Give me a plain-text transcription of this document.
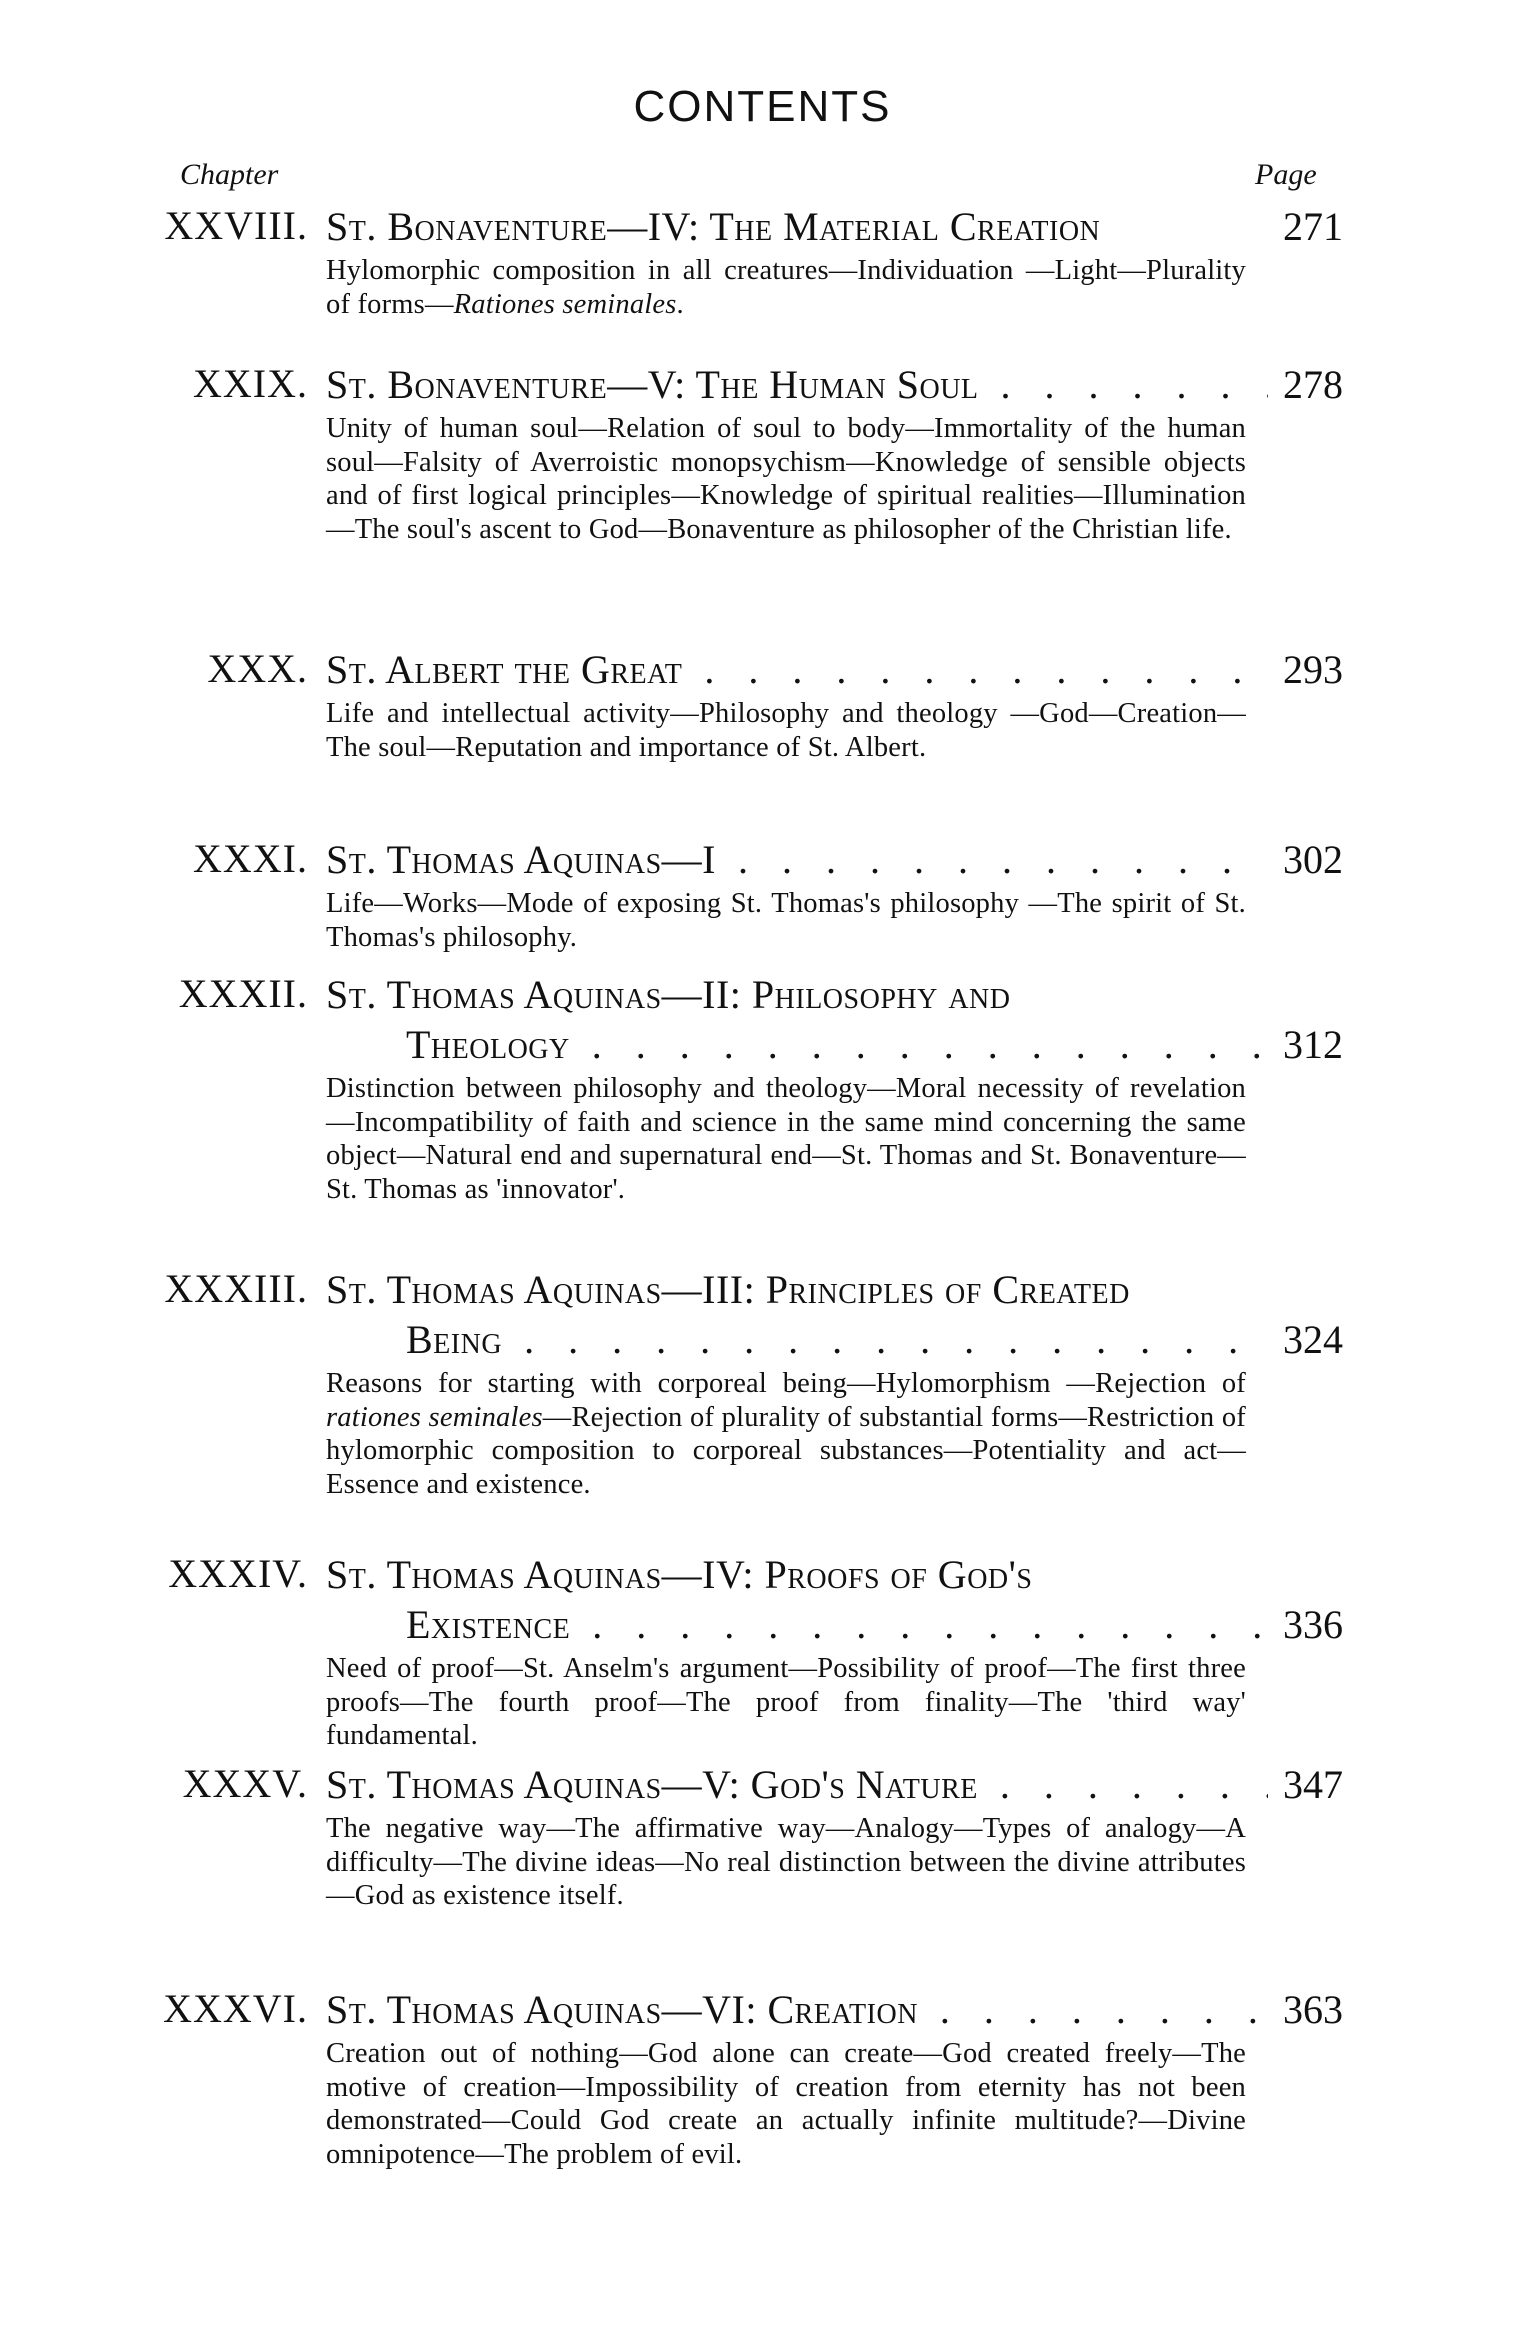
CONTENTS
Chapter	Page
XXVIII. St. Bonaventure—IV: The Material Creation
Hylomorphic composition in all creatures—Individuation —Light—Plurality of forms—Rationes seminales.
271
XXIX. St. Bonaventure—V: The Human Soul . . .
Unity of human soul—Relation of soul to body—Immortality of the human soul—Falsity of Averroistic monopsychism—Knowledge of sensible objects and of first logical principles—Knowledge of spiritual realities—Illumination—The soul's ascent to God—Bonaventure as philosopher of the Christian life.
278
XXX. St. Albert the Great . . .
Life and intellectual activity—Philosophy and theology —God—Creation—The soul—Reputation and importance of St. Albert.
293
XXXI. St. Thomas Aquinas—I . . .
Life—Works—Mode of exposing St. Thomas's philosophy —The spirit of St. Thomas's philosophy.
302
XXXII. St. Thomas Aquinas—II: Philosophy and
Theology . . .
Distinction between philosophy and theology—Moral necessity of revelation—Incompatibility of faith and science in the same mind concerning the same object—Natural end and supernatural end—St. Thomas and St. Bonaventure—St. Thomas as 'innovator'.
312
XXXIII. St. Thomas Aquinas—III: Principles of Created
Being . . .
Reasons for starting with corporeal being—Hylomorphism —Rejection of rationes seminales—Rejection of plurality of substantial forms—Restriction of hylomorphic composition to corporeal substances—Potentiality and act—Essence and existence.
324
XXXIV. St. Thomas Aquinas—IV: Proofs of God's
Existence . . .
Need of proof—St. Anselm's argument—Possibility of proof—The first three proofs—The fourth proof—The proof from finality—The 'third way' fundamental.
336
XXXV. St. Thomas Aquinas—V: God's Nature . . .
The negative way—The affirmative way—Analogy—Types of analogy—A difficulty—The divine ideas—No real distinction between the divine attributes—God as existence itself.
347
XXXVI. St. Thomas Aquinas—VI: Creation . . .
Creation out of nothing—God alone can create—God created freely—The motive of creation—Impossibility of creation from eternity has not been demonstrated—Could God create an actually infinite multitude?—Divine omnipotence—The problem of evil.
363
